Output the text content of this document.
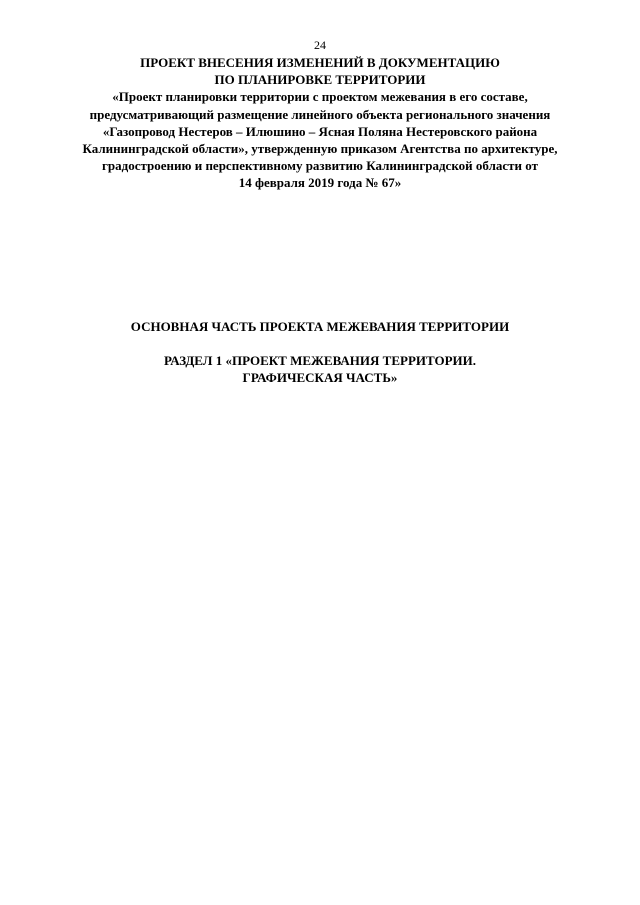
24
ПРОЕКТ ВНЕСЕНИЯ ИЗМЕНЕНИЙ В ДОКУМЕНТАЦИЮ
ПО ПЛАНИРОВКЕ ТЕРРИТОРИИ
«Проект планировки территории с проектом межевания в его составе,
предусматривающий размещение линейного объекта регионального значения
«Газопровод Нестеров – Илюшино – Ясная Поляна Нестеровского района
Калининградской области», утвержденную приказом Агентства по архитектуре,
градостроению и перспективному развитию Калининградской области от
14 февраля 2019 года № 67»
ОСНОВНАЯ ЧАСТЬ ПРОЕКТА МЕЖЕВАНИЯ ТЕРРИТОРИИ
РАЗДЕЛ 1 «ПРОЕКТ МЕЖЕВАНИЯ ТЕРРИТОРИИ.
ГРАФИЧЕСКАЯ ЧАСТЬ»
